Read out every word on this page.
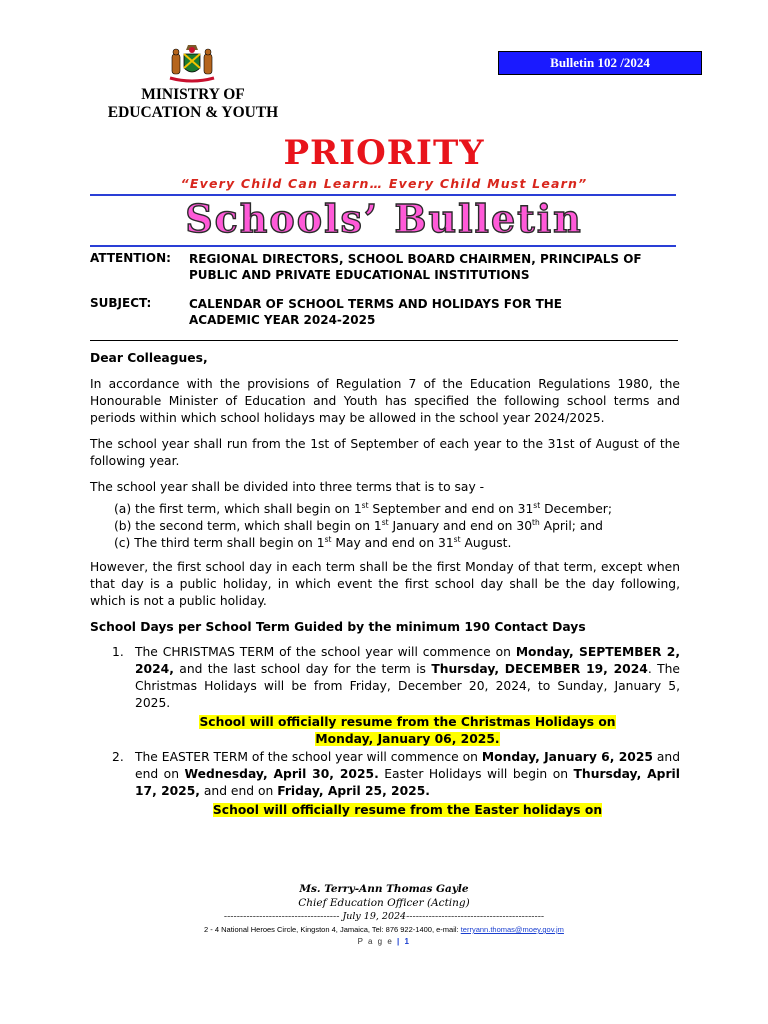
Bulletin 102 /2024
MINISTRY OF
EDUCATION & YOUTH
PRIORITY
“Every Child Can Learn… Every Child Must Learn”
Schools’ Bulletin
ATTENTION: REGIONAL DIRECTORS, SCHOOL BOARD CHAIRMEN, PRINCIPALS OF PUBLIC AND PRIVATE EDUCATIONAL INSTITUTIONS
SUBJECT:	CALENDAR OF SCHOOL TERMS AND HOLIDAYS FOR THE
ACADEMIC YEAR 2024-2025

Dear Colleagues,

In accordance with the provisions of Regulation 7 of the Education Regulations 1980, the Honourable Minister of Education and Youth has specified the following school terms and periods within which school holidays may be allowed in the school year 2024/2025.

The school year shall run from the 1st of September of each year to the 31st of August of the following year.

The school year shall be divided into three terms that is to say -

(a) the first term, which shall begin on 1st September and end on 31st December;
(b) the second term, which shall begin on 1st January and end on 30th April; and
(c) The third term shall begin on 1st May and end on 31st August.

However, the first school day in each term shall be the first Monday of that term, except when that day is a public holiday, in which event the first school day shall be the day following, which is not a public holiday.

School Days per School Term Guided by the minimum 190 Contact Days
1. The CHRISTMAS TERM of the school year will commence on Monday, SEPTEMBER 2, 2024, and the last school day for the term is Thursday, DECEMBER 19, 2024. The Christmas Holidays will be from Friday, December 20, 2024, to Sunday, January 5, 2025.
School will officially resume from the Christmas Holidays on
Monday, January 06, 2025.
2. The EASTER TERM of the school year will commence on Monday, January 6, 2025 and end on Wednesday, April 30, 2025. Easter Holidays will begin on Thursday, April 17, 2025, and end on Friday, April 25, 2025.
School will officially resume from the Easter holidays on
Ms. Terry-Ann Thomas Gayle
Chief Education Officer (Acting)
------------------------------------ July 19, 2024-------------------------------------------
2 - 4 National Heroes Circle, Kingston 4, Jamaica, Tel: 876 922-1400, e-mail: terryann.thomas@moey.gov.jm
P a g e | 1
